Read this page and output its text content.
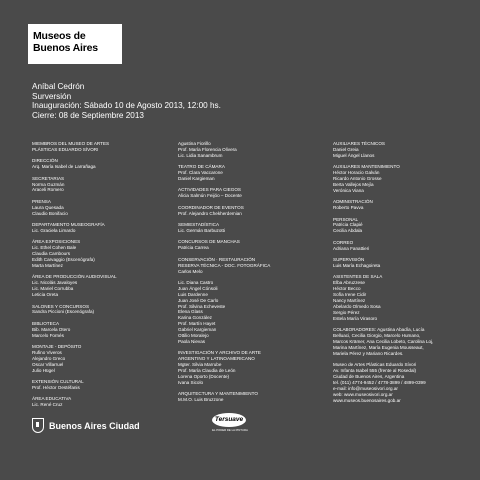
Museos de
Buenos Aires
Aníbal Cedrón
Surversión
Inauguración: Sábado 10 de Agosto 2013, 12:00 hs.
Cierre: 08 de Septiembre 2013
MIEMBROS DEL MUSEO DE ARTES
PLÁSTICAS EDUARDO SÍVORI
DIRECCIÓN
Arq. María Isabel de Larrañaga
SECRETARIAS
Norma Guzmán
Araceli Romero
PRENSA
Laura Quesada
Claudio Bonifacio
DEPARTAMENTO MUSEOGRAFÍA
Lic. Graciela Limardo
ÁREA EXPOSICIONES
Lic. Ethel Cohen Bale
Claudia Cambours
Edith Carvaggio (Escenógrafa)
Marta Martínez
ÁREA DE PRODUCCIÓN AUDIOVISUAL
Lic. Nicolás Javaloyes
Lic. Mariel Corrubba
Leticia Oreta
SALONES Y CONCURSOS
Sandra Piccioni (Escenógrafa)
BIBLIOTECA
Bib. Marcela Otero
Marcelo Fornés
MONTAJE - DEPÓSITO
Rufino Viveros
Alejandro Greco
Oscar Villarruel
Julio Hügel
EXTENSIÓN CULTURAL
Prof. Héctor Oestéfanis
ÁREA EDUCATIVA
Lic. René Cruz
Agustina Fiorillo
Prof. María Florencia Olivera
Lic. Lidia Sanambrum
TEATRO DE CÁMARA
Prof. Clara Vaccarone
Daniel Kargieman
ACTIVIDADES PARA CIEGOS
Alicia Salmún Feijóo – Docente
COORDINADOR DE EVENTOS
Prof. Alejandro Chekherdemian
SEMIESTADÍSTICA
Lic. Germán Barbuzotti
CONCURSOS DE MANCHAS
Patricia Carrea
CONSERVACIÓN · RESTAURACIÓN
RESERVA TÉCNICA - DOC. FOTOGRÁFICA
Carlos Melo
Lic. Diana Castro
Juan Ángel Cónsoli
Luis Dardenne
Juan José De Carlo
Prof. Silvina Echeveste
Elena Glass
Karina González
Prof. Martín Hayet
Gabriel Kargieman
Ottilio Moralejo
Paola Nievas
INVESTIGACIÓN Y ARCHIVO DE ARTE
ARGENTINO Y LATINOAMERICANO
Mgter. Silvia Marrube
Prof. María Claudia de León
Lorena Oporto (Docente)
Ivana Sicolo
ARQUITECTURA Y MANTENIMIENTO
M.M.O. Luis Bruzzone
AUXILIARES TÉCNICOS
Daniel Greia
Miguel Ángel Llanos
AUXILIARES MANTENIMIENTO
Héctor Horacio Galván
Ricardo Antonio Grosse
Berta Vallejos Mejía
Verónica Viana
ADMINISTRACIÓN
Roberto Pavva
PERSONAL
Patricia Clapié
Cecilia Abdala
CORREO
Adriana Fanattieri
SUPERVISIÓN
Luis María Echagoireta
ASISTENTES DE SALA
Elba Abruzzese
Héctor Becco
Sofía Irene Cidir
Nancy Martínez
Abelardo Olmedo Sosa
Sergio Pérez
Estela María Virasoro
COLABORADORES: Agustina Abadía, Lucía
Belluaci, Cecilia Giorgio, Marcelo Humano,
Marcos Krämer, Ana Cecilia Lobeto, Carolina Loj,
Marina Martínez, María Eugenia Mousseaut,
Mariela Pérez y Mariano Ricardes.
Museo de Artes Plásticas Eduardo Sívori
Av. Infanta Isabel 555 (frente al Rosedal)
Ciudad de Buenos Aires, Argentina
tel. (011) 4774-9452 / 4778-3899 / 4899-0399
e-mail: info@museosivori.org.ar
web: www.museosivori.org.ar
www.museos.buenosaires.gob.ar
Buenos Aires Ciudad
Tersuave
EL PODER DE LA PINTURA
